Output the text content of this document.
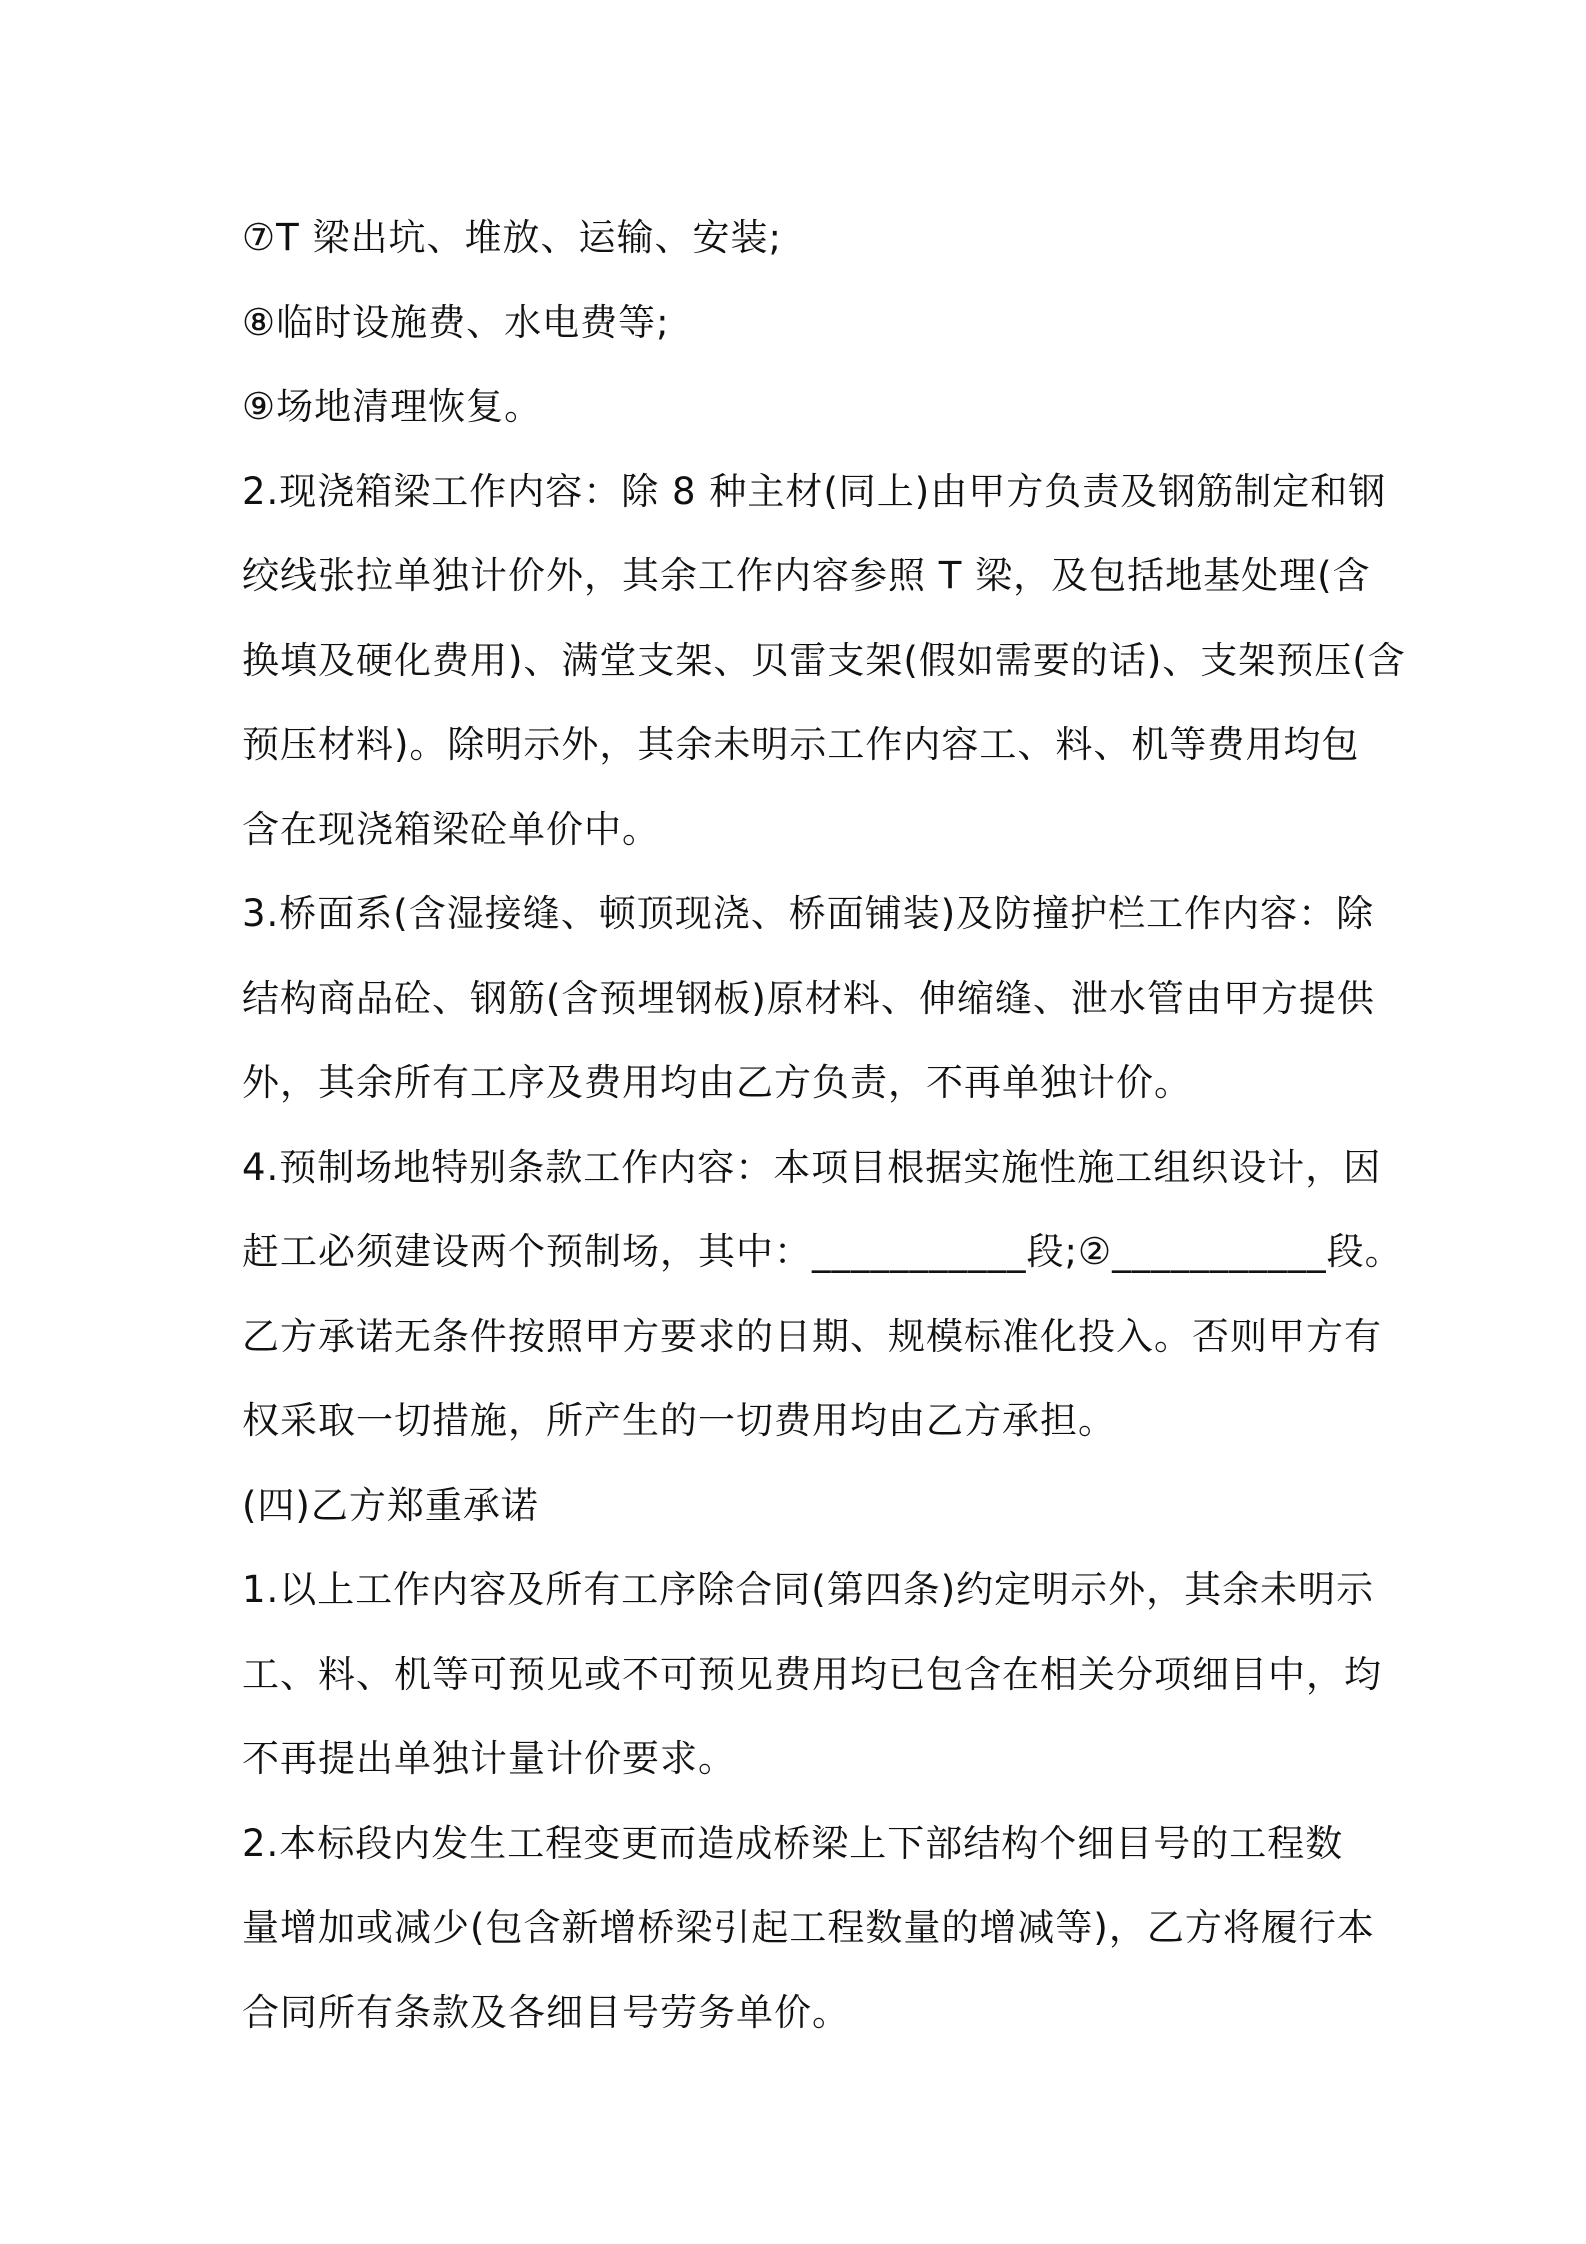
⑦T 梁出坑、堆放、运输、安装;
⑧临时设施费、水电费等;
⑨场地清理恢复。
2.现浇箱梁工作内容：除 8 种主材(同上)由甲方负责及钢筋制定和钢
绞线张拉单独计价外，其余工作内容参照 T 梁，及包括地基处理(含
换填及硬化费用)、满堂支架、贝雷支架(假如需要的话)、支架预压(含
预压材料)。除明示外，其余未明示工作内容工、料、机等费用均包
含在现浇箱梁砼单价中。
3.桥面系(含湿接缝、顿顶现浇、桥面铺装)及防撞护栏工作内容：除
结构商品砼、钢筋(含预埋钢板)原材料、伸缩缝、泄水管由甲方提供
外，其余所有工序及费用均由乙方负责，不再单独计价。
4.预制场地特别条款工作内容：本项目根据实施性施工组织设计，因
赶工必须建设两个预制场，其中：___________段;②___________段。
乙方承诺无条件按照甲方要求的日期、规模标准化投入。否则甲方有
权采取一切措施，所产生的一切费用均由乙方承担。
(四)乙方郑重承诺
1.以上工作内容及所有工序除合同(第四条)约定明示外，其余未明示
工、料、机等可预见或不可预见费用均已包含在相关分项细目中，均
不再提出单独计量计价要求。
2.本标段内发生工程变更而造成桥梁上下部结构个细目号的工程数
量增加或减少(包含新增桥梁引起工程数量的增减等)，乙方将履行本
合同所有条款及各细目号劳务单价。
